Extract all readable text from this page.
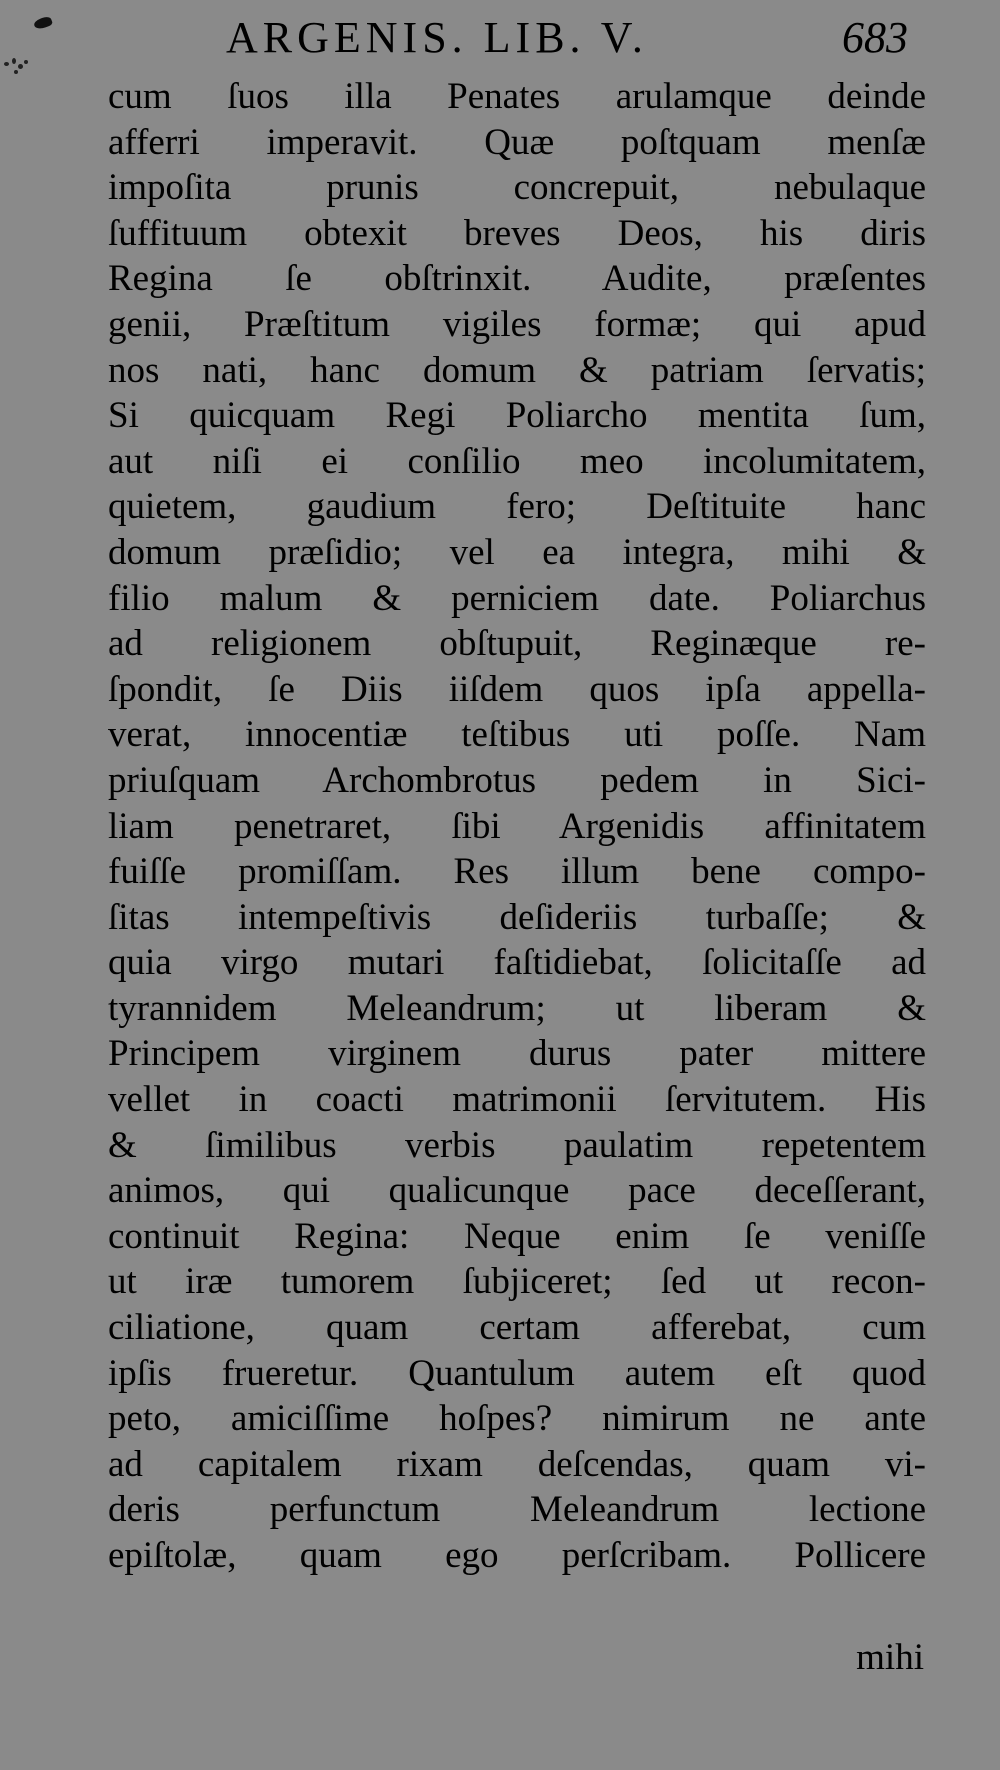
ARGENIS. LIB. V.	683
cum ſuos illa Penates arulamque deinde
afferri imperavit. Quæ poſtquam menſæ
impoſita prunis concrepuit, nebulaque
ſuffituum obtexit breves Deos, his diris
Regina ſe obſtrinxit. Audite, præſentes
genii, Præſtitum vigiles formæ; qui apud
nos nati, hanc domum & patriam ſervatis;
Si quicquam Regi Poliarcho mentita ſum,
aut niſi ei conſilio meo incolumitatem,
quietem, gaudium fero; Deſtituite hanc
domum præſidio; vel ea integra, mihi &
filio malum & perniciem date. Poliarchus
ad religionem obſtupuit, Reginæque re-
ſpondit, ſe Diis iiſdem quos ipſa appella-
verat, innocentiæ teſtibus uti poſſe. Nam
priuſquam Archombrotus pedem in Sici-
liam penetraret, ſibi Argenidis affinitatem
fuiſſe promiſſam. Res illum bene compo-
ſitas intempeſtivis deſideriis turbaſſe; &
quia virgo mutari faſtidiebat, ſolicitaſſe ad
tyrannidem Meleandrum; ut liberam &
Principem virginem durus pater mittere
vellet in coacti matrimonii ſervitutem. His
& ſimilibus verbis paulatim repetentem
animos, qui qualicunque pace deceſſerant,
continuit Regina: Neque enim ſe veniſſe
ut iræ tumorem ſubjiceret; ſed ut recon-
ciliatione, quam certam afferebat, cum
ipſis frueretur. Quantulum autem eſt quod
peto, amiciſſime hoſpes? nimirum ne ante
ad capitalem rixam deſcendas, quam vi-
deris perfunctum Meleandrum lectione
epiſtolæ, quam ego perſcribam. Pollicere
mihi
